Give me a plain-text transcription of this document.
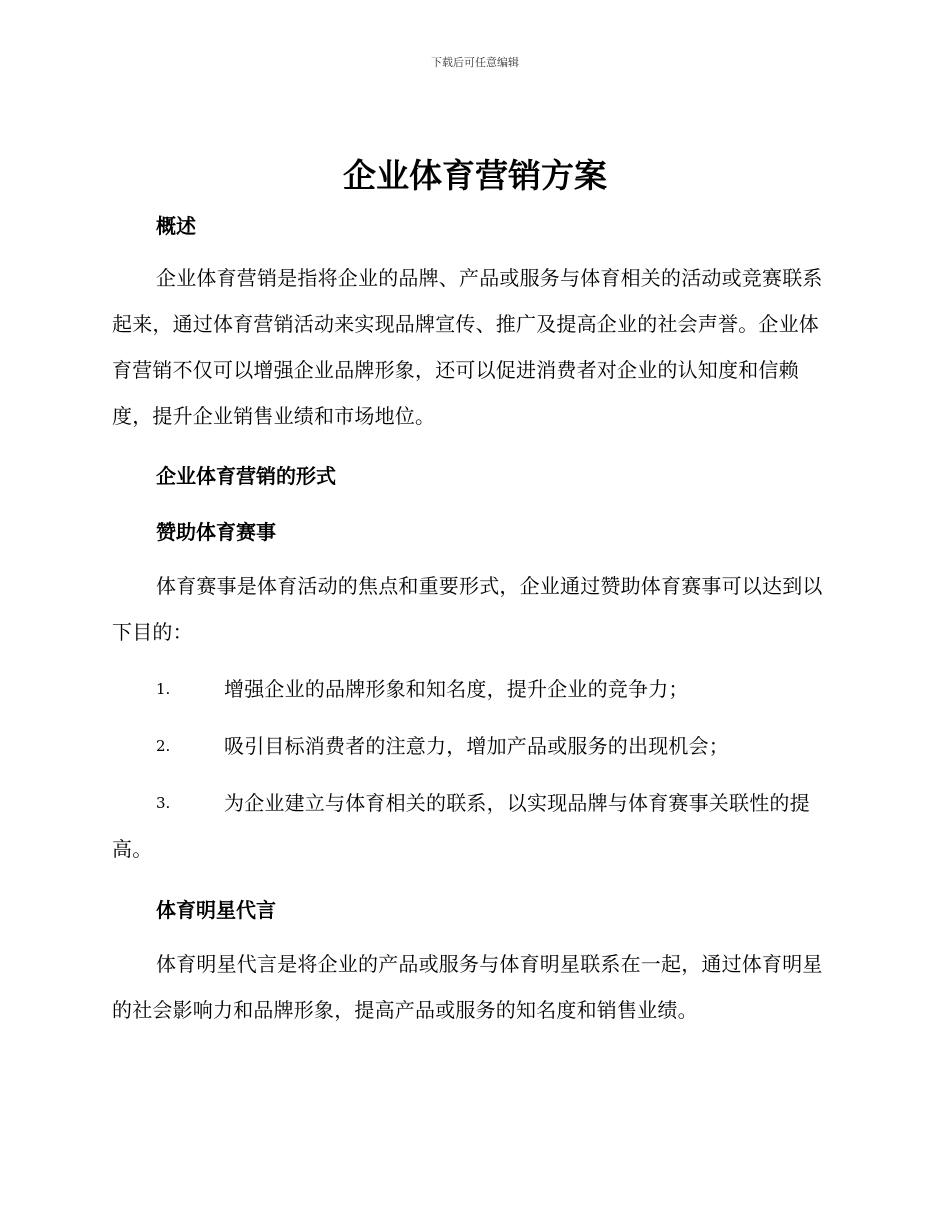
下载后可任意编辑
企业体育营销方案
概述

企业体育营销是指将企业的品牌、产品或服务与体育相关的活动或竞赛联系起来，通过体育营销活动来实现品牌宣传、推广及提高企业的社会声誉。企业体育营销不仅可以增强企业品牌形象，还可以促进消费者对企业的认知度和信赖度，提升企业销售业绩和市场地位。

企业体育营销的形式
赞助体育赛事

体育赛事是体育活动的焦点和重要形式，企业通过赞助体育赛事可以达到以下目的：

1.	增强企业的品牌形象和知名度，提升企业的竞争力；
2.	吸引目标消费者的注意力，增加产品或服务的出现机会；
3.	为企业建立与体育相关的联系，以实现品牌与体育赛事关联性的提高。
体育明星代言

体育明星代言是将企业的产品或服务与体育明星联系在一起，通过体育明星的社会影响力和品牌形象，提高产品或服务的知名度和销售业绩。
